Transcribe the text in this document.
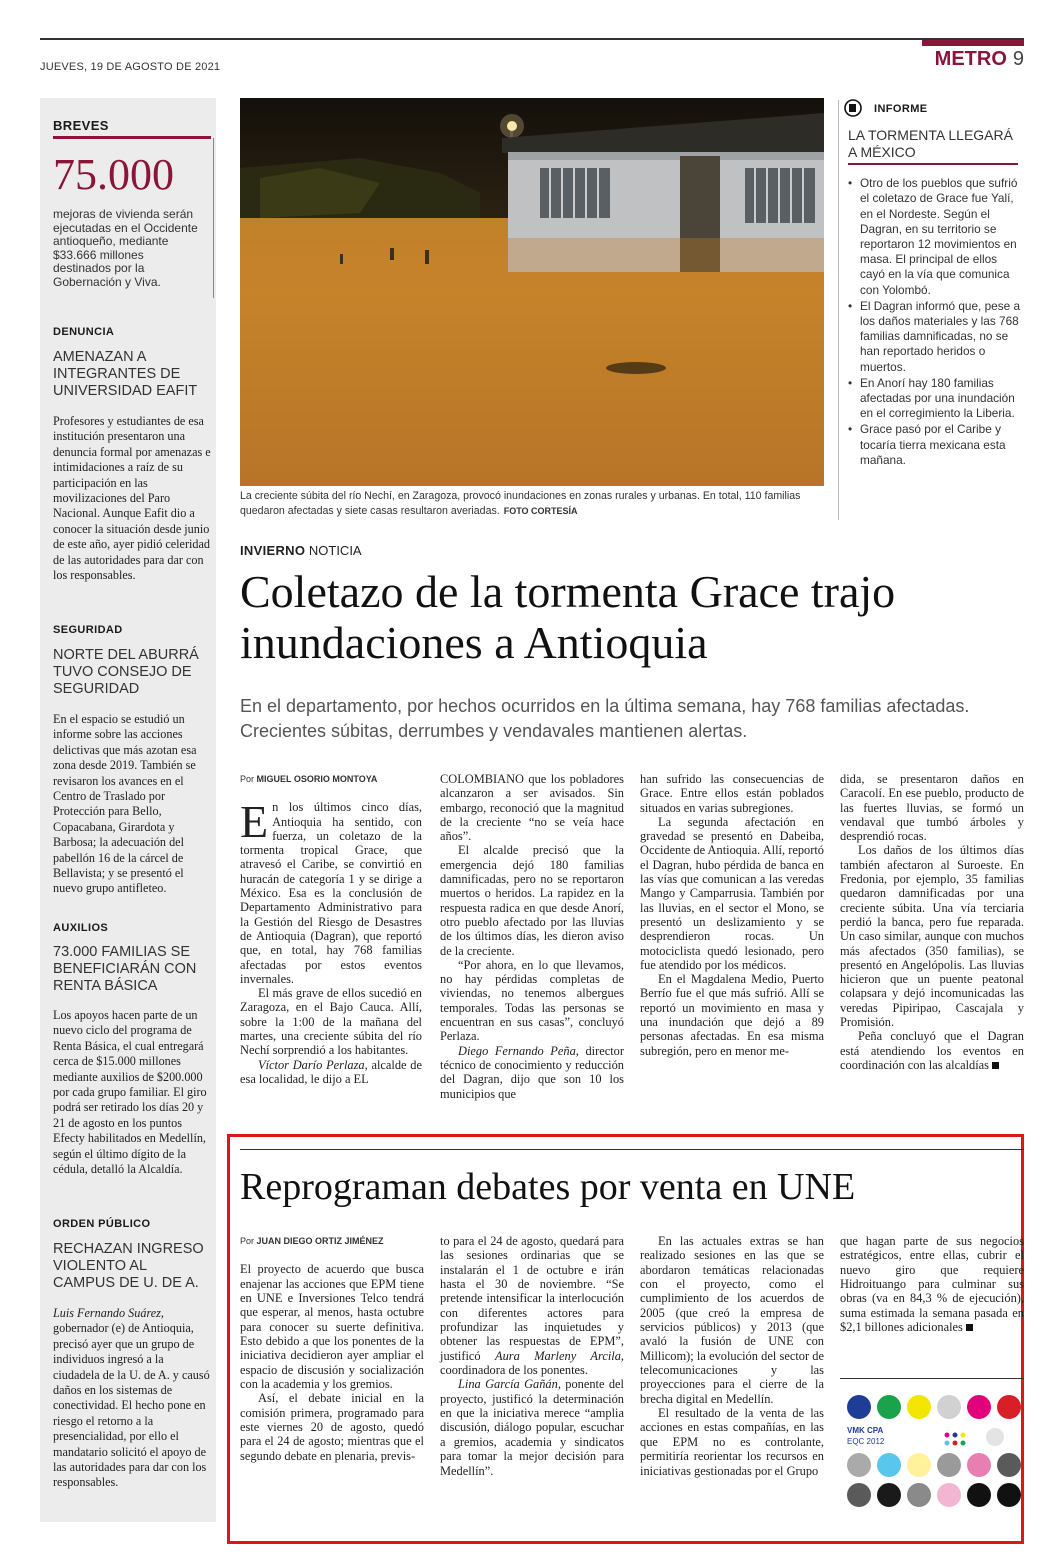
JUEVES, 19 DE AGOSTO DE 2021	METRO 9
BREVES
75.000
mejoras de vivienda serán ejecutadas en el Occidente antioqueño, mediante $33.666 millones destinados por la Gobernación y Viva.
DENUNCIA
AMENAZAN A INTEGRANTES DE UNIVERSIDAD EAFIT
Profesores y estudiantes de esa institución presentaron una denuncia formal por amenazas e intimidaciones a raíz de su participación en las movilizaciones del Paro Nacional. Aunque Eafit dio a conocer la situación desde junio de este año, ayer pidió celeridad de las autoridades para dar con los responsables.
SEGURIDAD
NORTE DEL ABURRÁ TUVO CONSEJO DE SEGURIDAD
En el espacio se estudió un informe sobre las acciones delictivas que más azotan esa zona desde 2019. También se revisaron los avances en el Centro de Traslado por Protección para Bello, Copacabana, Girardota y Barbosa; la adecuación del pabellón 16 de la cárcel de Bellavista; y se presentó el nuevo grupo antifleteo.
AUXILIOS
73.000 FAMILIAS SE BENEFICIARÁN CON RENTA BÁSICA
Los apoyos hacen parte de un nuevo ciclo del programa de Renta Básica, el cual entregará cerca de $15.000 millones mediante auxilios de $200.000 por cada grupo familiar. El giro podrá ser retirado los días 20 y 21 de agosto en los puntos Efecty habilitados en Medellín, según el último dígito de la cédula, detalló la Alcaldía.
ORDEN PÚBLICO
RECHAZAN INGRESO VIOLENTO AL CAMPUS DE U. DE A.
Luis Fernando Suárez, gobernador (e) de Antioquia, precisó ayer que un grupo de individuos ingresó a la ciudadela de la U. de A. y causó daños en los sistemas de conectividad. El hecho pone en riesgo el retorno a la presencialidad, por ello el mandatario solicitó el apoyo de las autoridades para dar con los responsables.
La creciente súbita del río Nechí, en Zaragoza, provocó inundaciones en zonas rurales y urbanas. En total, 110 familias quedaron afectadas y siete casas resultaron averiadas. FOTO CORTESÍA
INFORME
LA TORMENTA LLEGARÁ A MÉXICO
• Otro de los pueblos que sufrió el coletazo de Grace fue Yalí, en el Nordeste. Según el Dagran, en su territorio se reportaron 12 movimientos en masa. El principal de ellos cayó en la vía que comunica con Yolombó.
• El Dagran informó que, pese a los daños materiales y las 768 familias damnificadas, no se han reportado heridos o muertos.
• En Anorí hay 180 familias afectadas por una inundación en el corregimiento la Liberia.
• Grace pasó por el Caribe y tocaría tierra mexicana esta mañana.
INVIERNO NOTICIA
Coletazo de la tormenta Grace trajo inundaciones a Antioquia
En el departamento, por hechos ocurridos en la última semana, hay 768 familias afectadas. Crecientes súbitas, derrumbes y vendavales mantienen alertas.
Por MIGUEL OSORIO MONTOYA

En los últimos cinco días, Antioquia ha sentido, con fuerza, un coletazo de la tormenta tropical Grace, que atravesó el Caribe, se convirtió en huracán de categoría 1 y se dirige a México. Esa es la conclusión de Departamento Administrativo para la Gestión del Riesgo de Desastres de Antioquia (Dagran), que reportó que, en total, hay 768 familias afectadas por estos eventos invernales.

El más grave de ellos sucedió en Zaragoza, en el Bajo Cauca. Allí, sobre la 1:00 de la mañana del martes, una creciente súbita del río Nechí sorprendió a los habitantes.

Víctor Darío Perlaza, alcalde de esa localidad, le dijo a EL

COLOMBIANO que los pobladores alcanzaron a ser avisados. Sin embargo, reconoció que la magnitud de la creciente “no se veía hace años”.

El alcalde precisó que la emergencia dejó 180 familias damnificadas, pero no se reportaron muertos o heridos. La rapidez en la respuesta radica en que desde Anorí, otro pueblo afectado por las lluvias de los últimos días, les dieron aviso de la creciente.

“Por ahora, en lo que llevamos, no hay pérdidas completas de viviendas, no tenemos albergues temporales. Todas las personas se encuentran en sus casas”, concluyó Perlaza.

Diego Fernando Peña, director técnico de conocimiento y reducción del Dagran, dijo que son 10 los municipios que

han sufrido las consecuencias de Grace. Entre ellos están poblados situados en varias subregiones.

La segunda afectación en gravedad se presentó en Dabeiba, Occidente de Antioquia. Allí, reportó el Dagran, hubo pérdida de banca en las vías que comunican a las veredas Mango y Camparrusia. También por las lluvias, en el sector el Mono, se presentó un deslizamiento y se desprendieron rocas. Un motociclista quedó lesionado, pero fue atendido por los médicos.

En el Magdalena Medio, Puerto Berrío fue el que más sufrió. Allí se reportó un movimiento en masa y una inundación que dejó a 89 personas afectadas. En esa misma subregión, pero en menor me-

dida, se presentaron daños en Caracolí. En ese pueblo, producto de las fuertes lluvias, se formó un vendaval que tumbó árboles y desprendió rocas.

Los daños de los últimos días también afectaron al Suroeste. En Fredonia, por ejemplo, 35 familias quedaron damnificadas por una creciente súbita. Una vía terciaria perdió la banca, pero fue reparada. Un caso similar, aunque con muchos más afectados (350 familias), se presentó en Angelópolis. Las lluvias hicieron que un puente peatonal colapsara y dejó incomunicadas las veredas Pipiripao, Cascajala y Promisión.

Peña concluyó que el Dagran está atendiendo los eventos en coordinación con las alcaldías

Reprograman debates por venta en UNE
Por JUAN DIEGO ORTIZ JIMÉNEZ

El proyecto de acuerdo que busca enajenar las acciones que EPM tiene en UNE e Inversiones Telco tendrá que esperar, al menos, hasta octubre para conocer su suerte definitiva. Esto debido a que los ponentes de la iniciativa decidieron ayer ampliar el espacio de discusión y socialización con la academia y los gremios.

Así, el debate inicial en la comisión primera, programado para este viernes 20 de agosto, quedó para el 24 de agosto; mientras que el segundo debate en plenaria, previs-

to para el 24 de agosto, quedará para las sesiones ordinarias que se instalarán el 1 de octubre e irán hasta el 30 de noviembre. “Se pretende intensificar la interlocución con diferentes actores para profundizar las inquietudes y obtener las respuestas de EPM”, justificó Aura Marleny Arcila, coordinadora de los ponentes.

Lina García Gañán, ponente del proyecto, justificó la determinación en que la iniciativa merece “amplia discusión, diálogo popular, escuchar a gremios, academia y sindicatos para tomar la mejor decisión para Medellín”.

En las actuales extras se han realizado sesiones en las que se abordaron temáticas relacionadas con el proyecto, como el cumplimiento de los acuerdos de 2005 (que creó la empresa de servicios públicos) y 2013 (que avaló la fusión de UNE con Millicom); la evolución del sector de telecomunicaciones y las proyecciones para el cierre de la brecha digital en Medellín.

El resultado de la venta de las acciones en estas compañías, en las que EPM no es controlante, permitiría reorientar los recursos en iniciativas gestionadas por el Grupo

que hagan parte de sus negocios estratégicos, entre ellas, cubrir el nuevo giro que requiere Hidroituango para culminar sus obras (va en 84,3 % de ejecución), suma estimada la semana pasada en $2,1 billones adicionales

VMK CPA
EQC 2012
